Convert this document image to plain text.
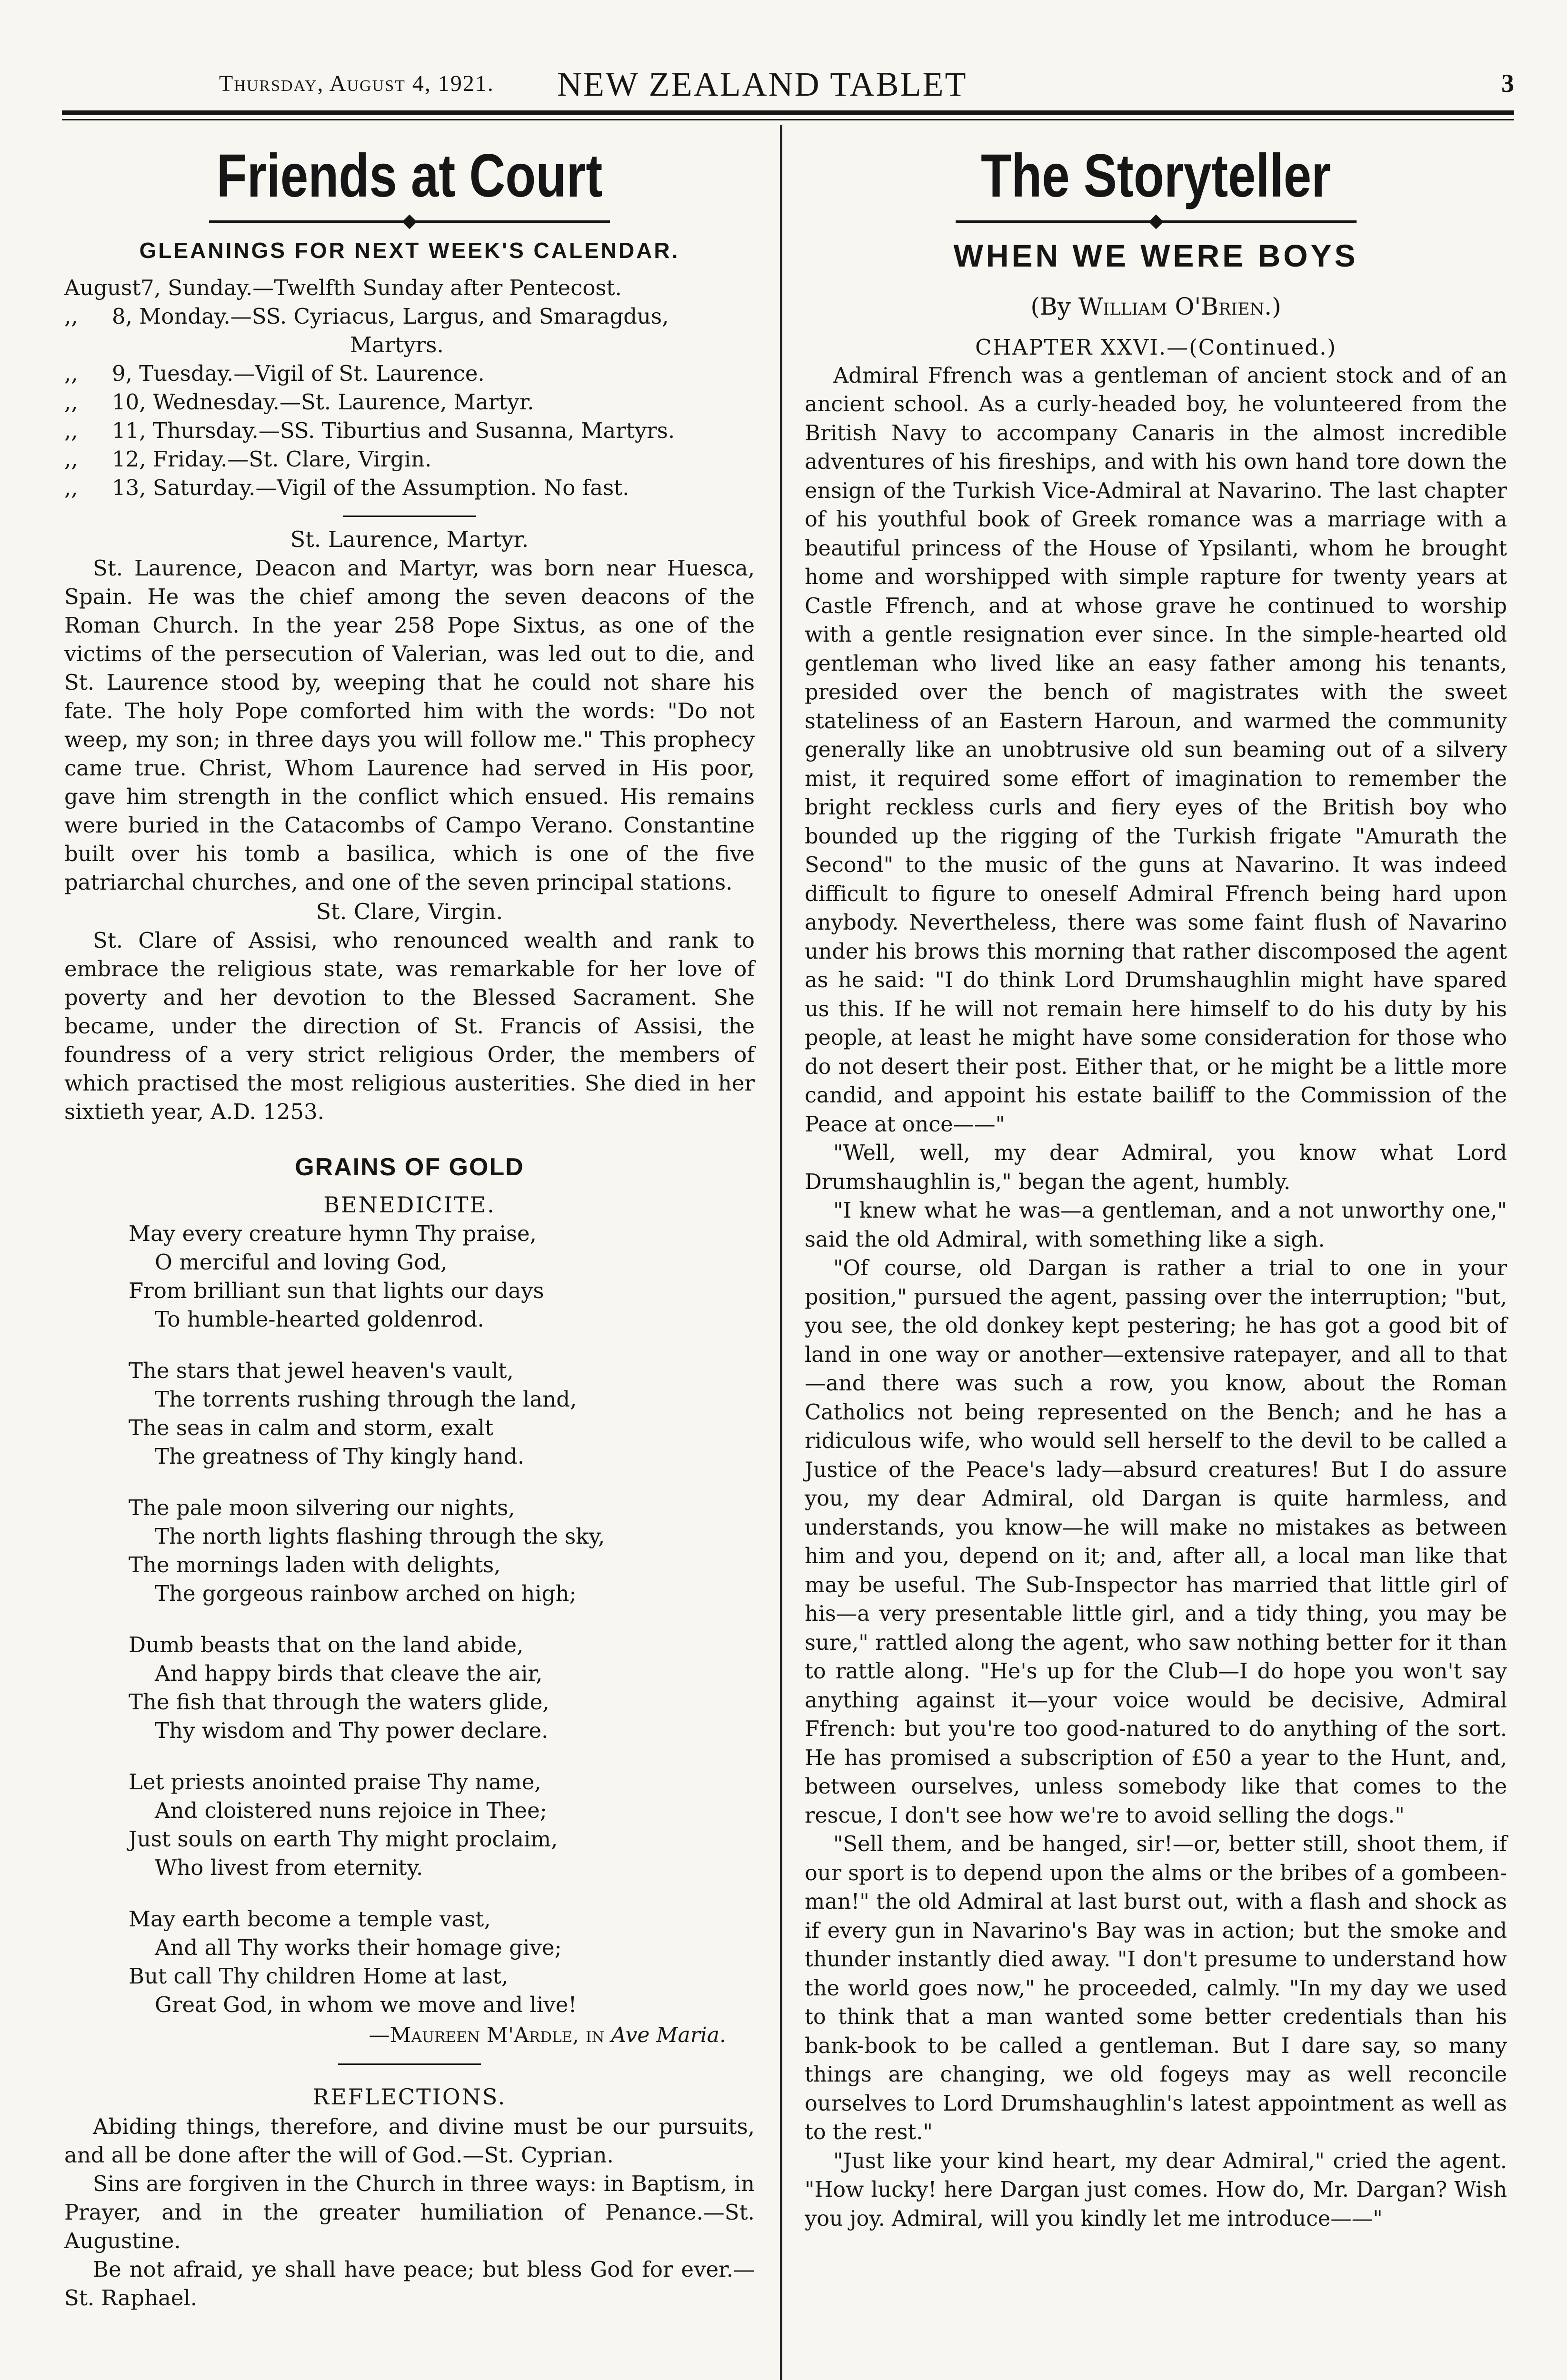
Thursday, August 4, 1921. NEW ZEALAND TABLET	3
Friends at Court
GLEANINGS FOR NEXT WEEK'S CALENDAR.
August 7, Sunday.—Twelfth Sunday after Pentecost.
,,	8, Monday.—SS. Cyriacus, Largus, and Smaragdus,
Martyrs.
,,	9, Tuesday.—Vigil of St. Laurence.
,,	10, Wednesday.—St. Laurence, Martyr.
,,	11, Thursday.—SS. Tiburtius and Susanna, Martyrs.
,,	12, Friday.—St. Clare, Virgin.
,,	13, Saturday.—Vigil of the Assumption. No fast.
St. Laurence, Martyr.

St. Laurence, Deacon and Martyr, was born near Huesca, Spain. He was the chief among the seven deacons of the Roman Church. In the year 258 Pope Sixtus, as one of the victims of the persecution of Valerian, was led out to die, and St. Laurence stood by, weeping that he could not share his fate. The holy Pope comforted him with the words: "Do not weep, my son; in three days you will follow me." This prophecy came true. Christ, Whom Laurence had served in His poor, gave him strength in the conflict which ensued. His remains were buried in the Catacombs of Campo Verano. Constantine built over his tomb a basilica, which is one of the five patriarchal churches, and one of the seven principal stations.

St. Clare, Virgin.

St. Clare of Assisi, who renounced wealth and rank to embrace the religious state, was remarkable for her love of poverty and her devotion to the Blessed Sacrament. She became, under the direction of St. Francis of Assisi, the foundress of a very strict religious Order, the members of which practised the most religious austerities. She died in her sixtieth year, A.D. 1253.

GRAINS OF GOLD
BENEDICITE.
May every creature hymn Thy praise,
O merciful and loving God,
From brilliant sun that lights our days
To humble-hearted goldenrod.
The stars that jewel heaven's vault,
The torrents rushing through the land,
The seas in calm and storm, exalt
The greatness of Thy kingly hand.
The pale moon silvering our nights,
The north lights flashing through the sky,
The mornings laden with delights,
The gorgeous rainbow arched on high;
Dumb beasts that on the land abide,
And happy birds that cleave the air,
The fish that through the waters glide,
Thy wisdom and Thy power declare.
Let priests anointed praise Thy name,
And cloistered nuns rejoice in Thee;
Just souls on earth Thy might proclaim,
Who livest from eternity.
May earth become a temple vast,
And all Thy works their homage give;
But call Thy children Home at last,
Great God, in whom we move and live!
—Maureen M'Ardle, in Ave Maria.
REFLECTIONS.

Abiding things, therefore, and divine must be our pursuits, and all be done after the will of God.—St. Cyprian.

Sins are forgiven in the Church in three ways: in Baptism, in Prayer, and in the greater humiliation of Penance.—St. Augustine.

Be not afraid, ye shall have peace; but bless God for ever.—St. Raphael.

The Storyteller
WHEN WE WERE BOYS
(By William O'Brien.)
CHAPTER XXVI.—(Continued.)

Admiral Ffrench was a gentleman of ancient stock and of an ancient school. As a curly-headed boy, he volunteered from the British Navy to accompany Canaris in the almost incredible adventures of his fireships, and with his own hand tore down the ensign of the Turkish Vice-Admiral at Navarino. The last chapter of his youthful book of Greek romance was a marriage with a beautiful princess of the House of Ypsilanti, whom he brought home and worshipped with simple rapture for twenty years at Castle Ffrench, and at whose grave he continued to worship with a gentle resignation ever since. In the simple-hearted old gentleman who lived like an easy father among his tenants, presided over the bench of magistrates with the sweet stateliness of an Eastern Haroun, and warmed the community generally like an unobtrusive old sun beaming out of a silvery mist, it required some effort of imagination to remember the bright reckless curls and fiery eyes of the British boy who bounded up the rigging of the Turkish frigate "Amurath the Second" to the music of the guns at Navarino. It was indeed difficult to figure to oneself Admiral Ffrench being hard upon anybody. Nevertheless, there was some faint flush of Navarino under his brows this morning that rather discomposed the agent as he said: "I do think Lord Drumshaughlin might have spared us this. If he will not remain here himself to do his duty by his people, at least he might have some consideration for those who do not desert their post. Either that, or he might be a little more candid, and appoint his estate bailiff to the Commission of the Peace at once——"

"Well, well, my dear Admiral, you know what Lord Drumshaughlin is," began the agent, humbly.

"I knew what he was—a gentleman, and a not unworthy one," said the old Admiral, with something like a sigh.

"Of course, old Dargan is rather a trial to one in your position," pursued the agent, passing over the interruption; "but, you see, the old donkey kept pestering; he has got a good bit of land in one way or another—extensive ratepayer, and all to that—and there was such a row, you know, about the Roman Catholics not being represented on the Bench; and he has a ridiculous wife, who would sell herself to the devil to be called a Justice of the Peace's lady—absurd creatures! But I do assure you, my dear Admiral, old Dargan is quite harmless, and understands, you know—he will make no mistakes as between him and you, depend on it; and, after all, a local man like that may be useful. The Sub-Inspector has married that little girl of his—a very presentable little girl, and a tidy thing, you may be sure," rattled along the agent, who saw nothing better for it than to rattle along. "He's up for the Club—I do hope you won't say anything against it—your voice would be decisive, Admiral Ffrench: but you're too good-natured to do anything of the sort. He has promised a subscription of £50 a year to the Hunt, and, between ourselves, unless somebody like that comes to the rescue, I don't see how we're to avoid selling the dogs."

"Sell them, and be hanged, sir!—or, better still, shoot them, if our sport is to depend upon the alms or the bribes of a gombeen-man!" the old Admiral at last burst out, with a flash and shock as if every gun in Navarino's Bay was in action; but the smoke and thunder instantly died away. "I don't presume to understand how the world goes now," he proceeded, calmly. "In my day we used to think that a man wanted some better credentials than his bank-book to be called a gentleman. But I dare say, so many things are changing, we old fogeys may as well reconcile ourselves to Lord Drumshaughlin's latest appointment as well as to the rest."

"Just like your kind heart, my dear Admiral," cried the agent. "How lucky! here Dargan just comes. How do, Mr. Dargan? Wish you joy. Admiral, will you kindly let me introduce——"
